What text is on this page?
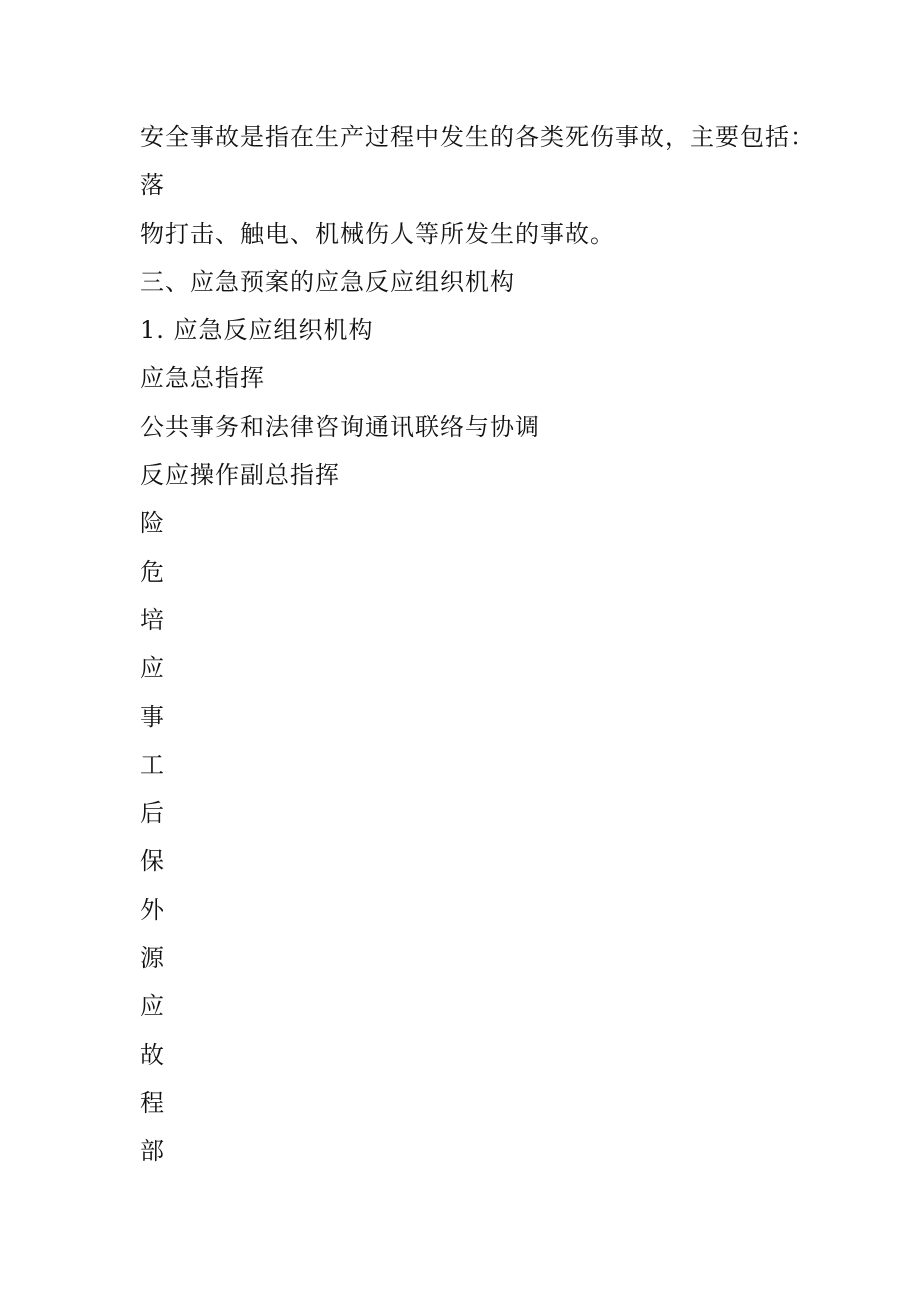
安全事故是指在生产过程中发生的各类死伤事故，主要包括：
落
物打击、触电、机械伤人等所发生的事故。
三、应急预案的应急反应组织机构
1. 应急反应组织机构
应急总指挥
公共事务和法律咨询通讯联络与协调
反应操作副总指挥
险
危
培
应
事
工
后
保
外
源
应
故
程
部
